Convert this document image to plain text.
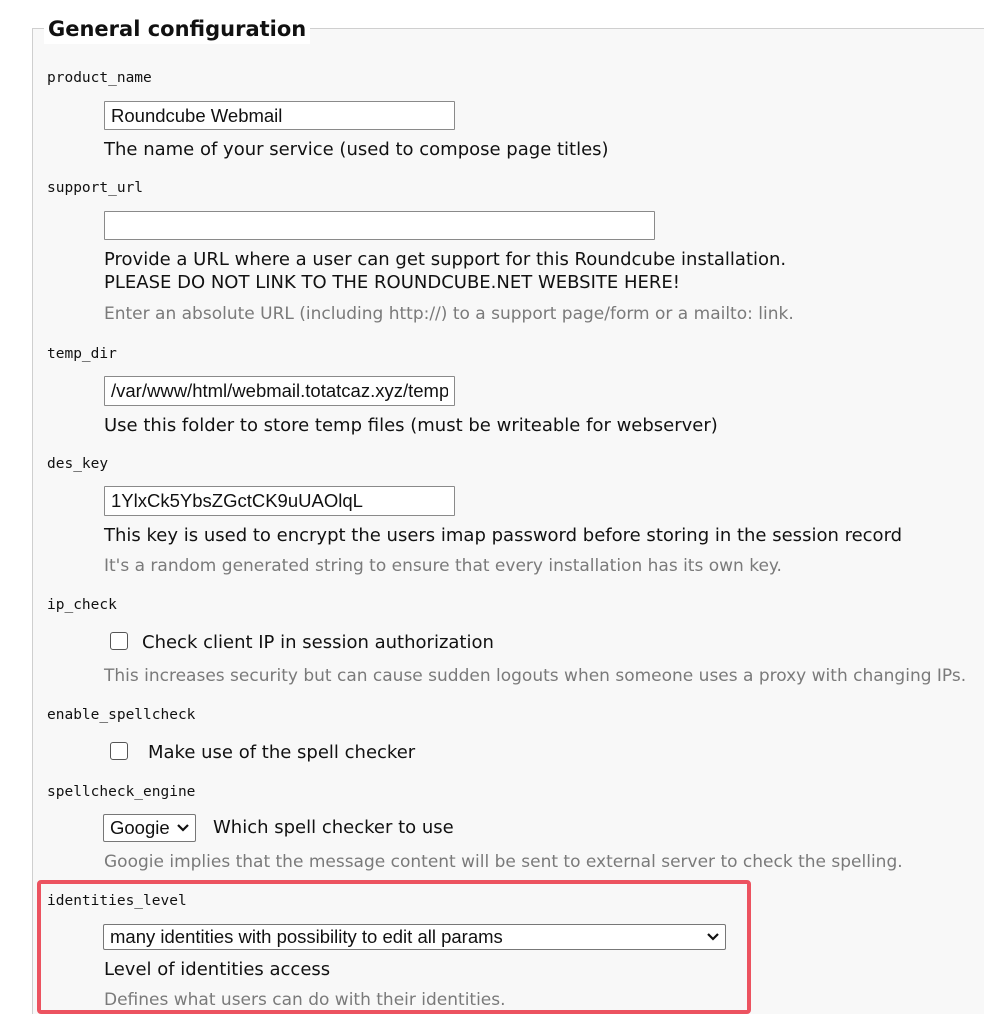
General configuration
product_name
Roundcube Webmail
The name of your service (used to compose page titles)
support_url
Provide a URL where a user can get support for this Roundcube installation.
PLEASE DO NOT LINK TO THE ROUNDCUBE.NET WEBSITE HERE!
Enter an absolute URL (including http://) to a support page/form or a mailto: link.
temp_dir
/var/www/html/webmail.totatcaz.xyz/temp
Use this folder to store temp files (must be writeable for webserver)
des_key
1YlxCk5YbsZGctCK9uUAOlqL
This key is used to encrypt the users imap password before storing in the session record
It's a random generated string to ensure that every installation has its own key.
ip_check
Check client IP in session authorization
This increases security but can cause sudden logouts when someone uses a proxy with changing IPs.
enable_spellcheck
Make use of the spell checker
spellcheck_engine
Googie	Which spell checker to use
Googie implies that the message content will be sent to external server to check the spelling.
identities_level
many identities with possibility to edit all params
Level of identities access
Defines what users can do with their identities.
